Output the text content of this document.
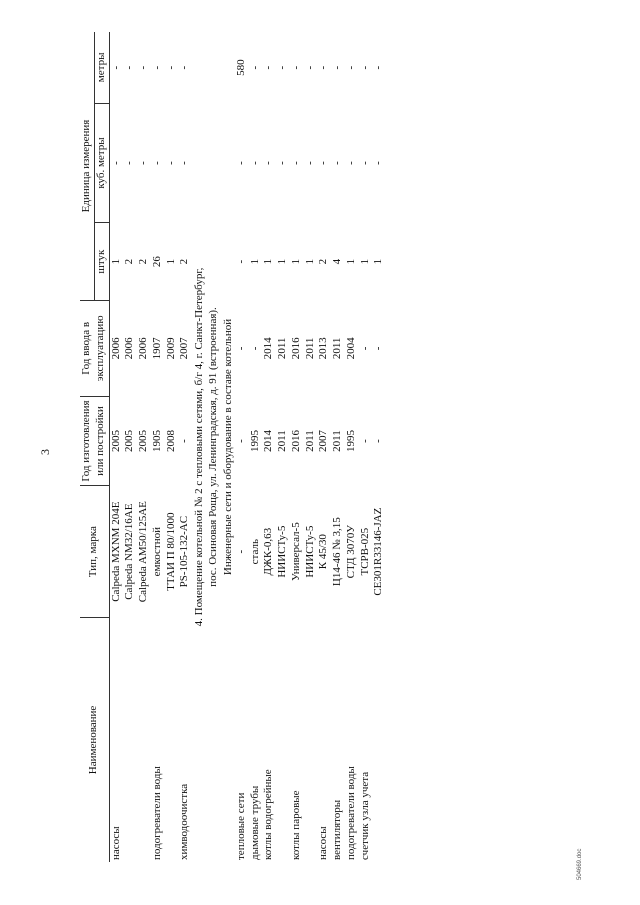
3
Наименование	Тип, марка	Год изготовления или постройки	Год ввода в эксплуатацию	Единица измерения		
				штук	куб. метры	метры
насосы	Calpeda MXNM 204E	2005	2006	1	-	-
	Calpeda NM32/16AE	2005	2006	2	-	-
	Calpeda AM50/125AE	2005	2006	2	-	-
подогреватели воды	емкостной	1905	1907	26	-	-
	ТТАИ П 80/1000	2008	2009	1	-	-
химводоочистка	PS-105-132-AC	-	2007	2	-	-

4. Помещение котельной № 2 с тепловыми сетями, б/г 4, г. Санкт-Петербург, пос. Осиновая Роща, ул. Ленинградская, д. 91 (встроенная). Инженерные сети и оборудование в составе котельной						

тепловые сети	-	-	-	-	-	580
дымовые трубы	сталь	1995	-	1	-	-
котлы водогрейные	ДЖК-0,63	2014	2014	1	-	-
	НИИСТу-5	2011	2011	1	-	-
котлы паровые	Универсал-5	2016	2016	1	-	-
	НИИСТу-5	2011	2011	1	-	-
насосы	К 45/30	2007	2013	2	-	-
вентиляторы	Ц14-46 № 3,15	2011	2011	4	-	-
подогреватели воды	СТД 3070У	1995	2004	1	-	-
счетчик узла учета	ТСРВ-025	-	-	1	-	-
	СЕ301R33146-JAZ	-	-	1	-	-
504669.doc
